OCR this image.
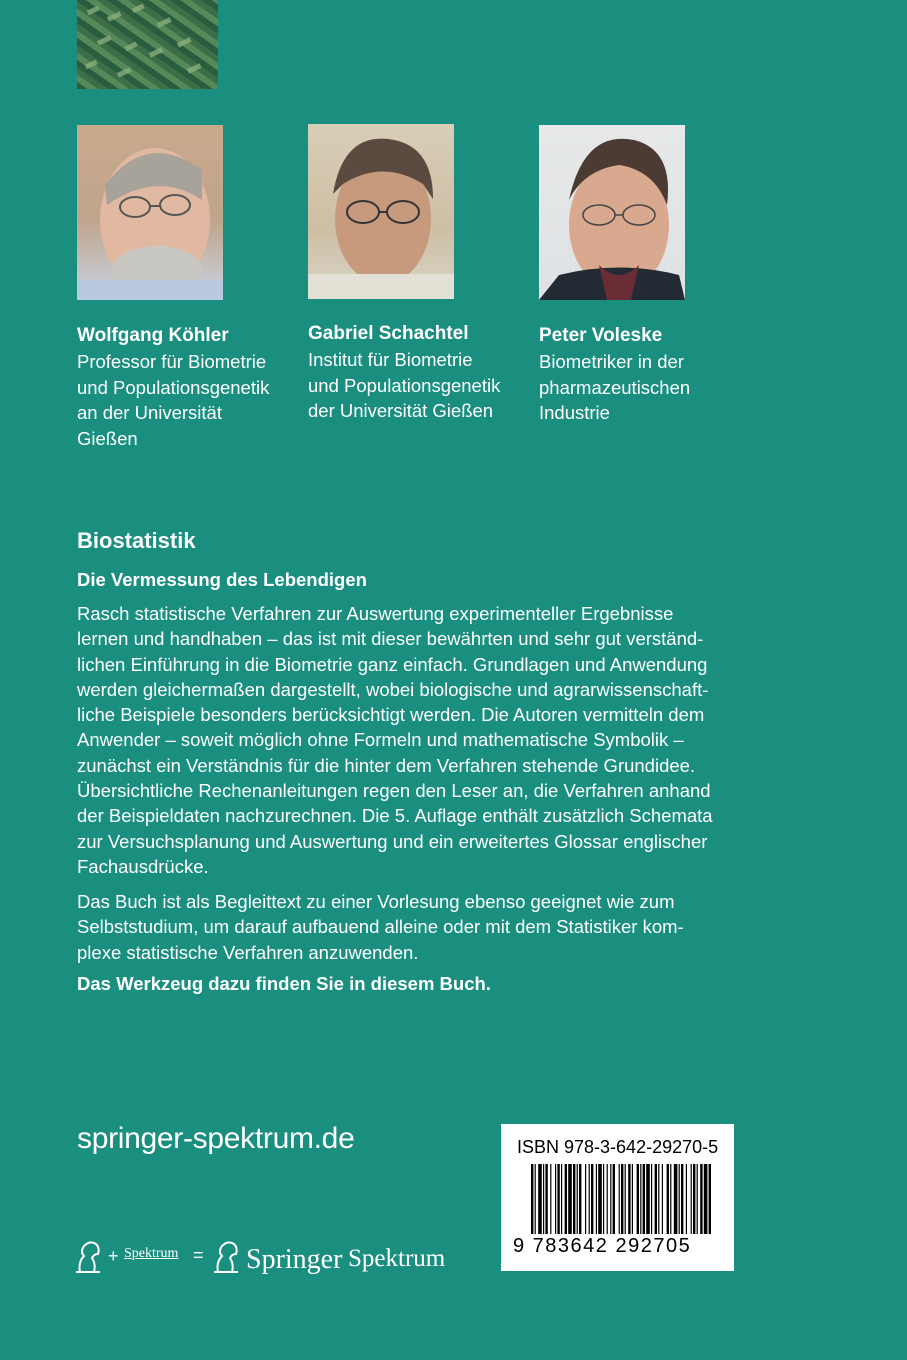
Wolfgang Köhler
Professor für Biometrie
und Populationsgenetik
an der Universität
Gießen
Gabriel Schachtel
Institut für Biometrie
und Populationsgenetik
der Universität Gießen
Peter Voleske
Biometriker in der
pharmazeutischen
Industrie
Biostatistik
Die Vermessung des Lebendigen
Rasch statistische Verfahren zur Auswertung experimenteller Ergebnisse
lernen und handhaben – das ist mit dieser bewährten und sehr gut verständ-
lichen Einführung in die Biometrie ganz einfach. Grundlagen und Anwendung
werden gleichermaßen dargestellt, wobei biologische und agrarwissenschaft-
liche Beispiele besonders berücksichtigt werden. Die Autoren vermitteln dem
Anwender – soweit möglich ohne Formeln und mathematische Symbolik –
zunächst ein Verständnis für die hinter dem Verfahren stehende Grundidee.
Übersichtliche Rechenanleitungen regen den Leser an, die Verfahren anhand
der Beispieldaten nachzurechnen. Die 5. Auflage enthält zusätzlich Schemata
zur Versuchsplanung und Auswertung und ein erweitertes Glossar englischer
Fachausdrücke.
Das Buch ist als Begleittext zu einer Vorlesung ebenso geeignet wie zum
Selbststudium, um darauf aufbauend alleine oder mit dem Statistiker kom-
plexe statistische Verfahren anzuwenden.
Das Werkzeug dazu finden Sie in diesem Buch.
springer-spektrum.de
+ Spektrum = Springer Spektrum
ISBN 978-3-642-29270-5
9 783642 292705
